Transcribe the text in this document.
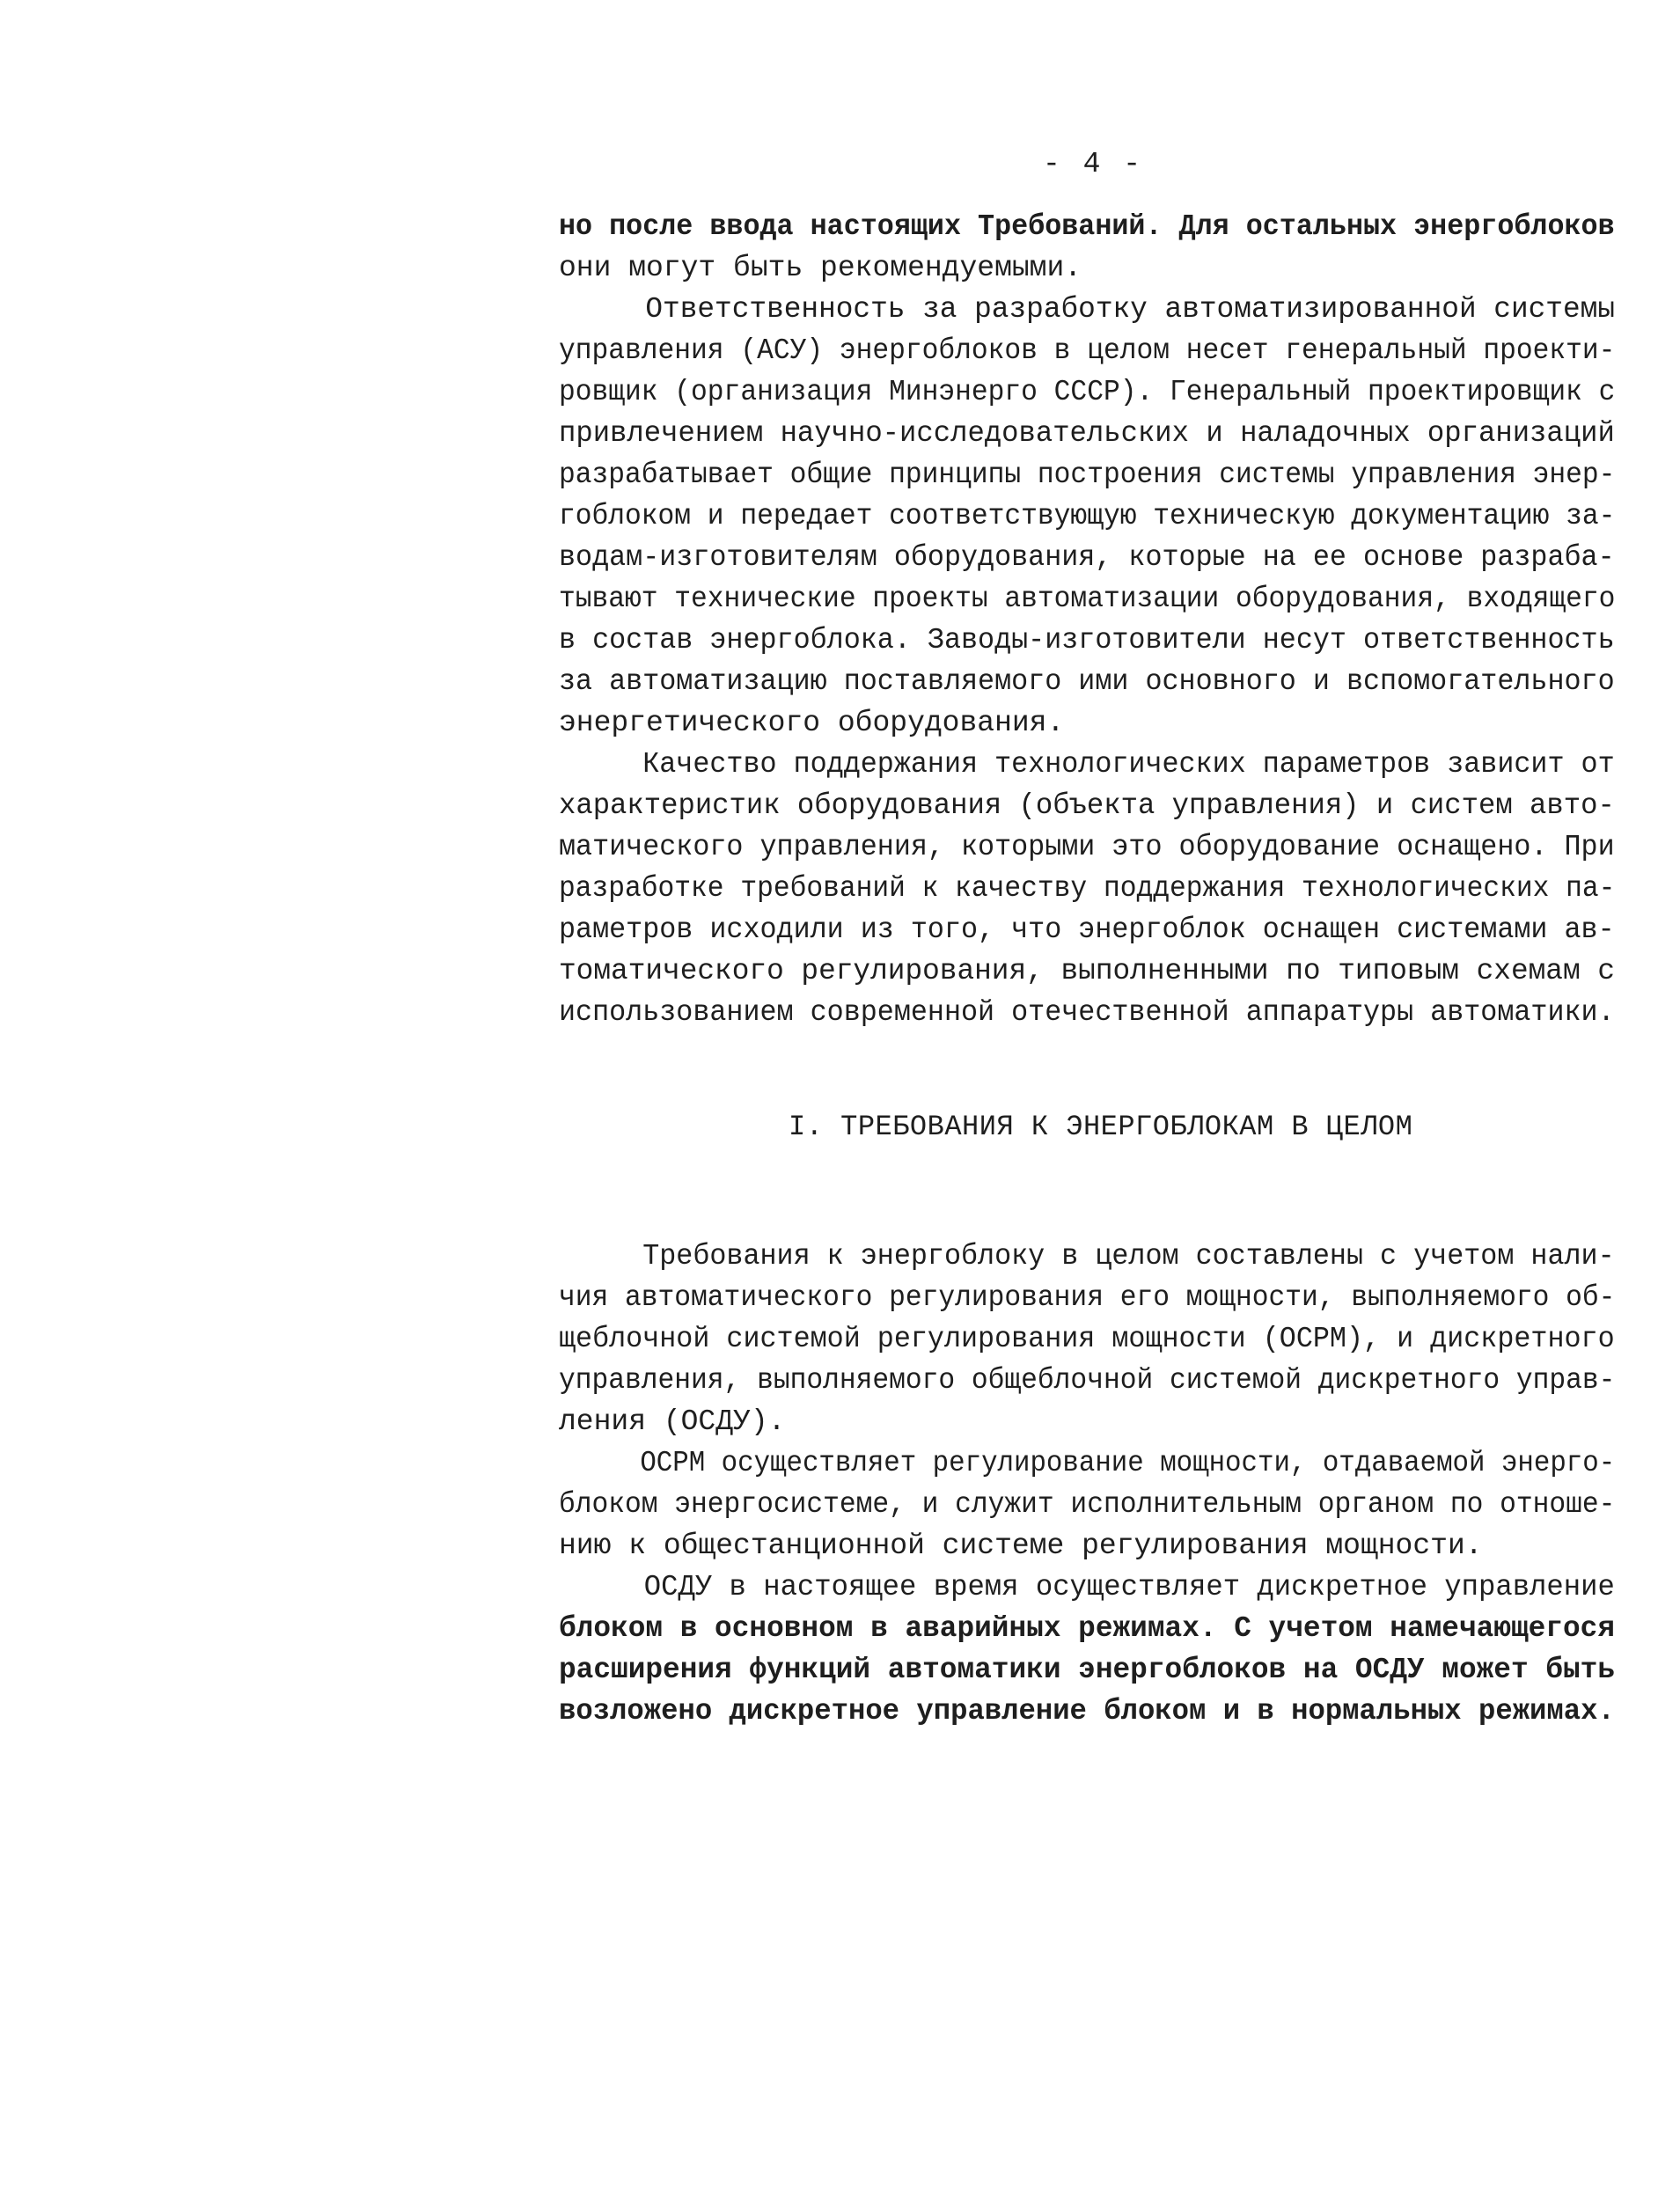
- 4 -
но после ввода настоящих Требований. Для остальных энергоблоков
они могут быть рекомендуемыми.
Ответственность за разработку автоматизированной системы
управления (АСУ) энергоблоков в целом несет генеральный проекти-
ровщик (организация Минэнерго СССР). Генеральный проектировщик с
привлечением научно-исследовательских и наладочных организаций
разрабатывает общие принципы построения системы управления энер-
гоблоком и передает соответствующую техническую документацию за-
водам-изготовителям оборудования, которые на ее основе разраба-
тывают технические проекты автоматизации оборудования, входящего
в состав энергоблока. Заводы-изготовители несут ответственность
за автоматизацию поставляемого ими основного и вспомогательного
энергетического оборудования.
Качество поддержания технологических параметров зависит от
характеристик оборудования (объекта управления) и систем авто-
матического управления, которыми это оборудование оснащено. При
разработке требований к качеству поддержания технологических па-
раметров исходили из того, что энергоблок оснащен системами ав-
томатического регулирования, выполненными по типовым схемам с
использованием современной отечественной аппаратуры автоматики.
I. ТРЕБОВАНИЯ К ЭНЕРГОБЛОКАМ В ЦЕЛОМ
Требования к энергоблоку в целом составлены с учетом нали-
чия автоматического регулирования его мощности, выполняемого об-
щеблочной системой регулирования мощности (ОСРМ), и дискретного
управления, выполняемого общеблочной системой дискретного управ-
ления (ОСДУ).
ОСРМ осуществляет регулирование мощности, отдаваемой энерго-
блоком энергосистеме, и служит исполнительным органом по отноше-
нию к общестанционной системе регулирования мощности.
ОСДУ в настоящее время осуществляет дискретное управление
блоком в основном в аварийных режимах. С учетом намечающегося
расширения функций автоматики энергоблоков на ОСДУ может быть
возложено дискретное управление блоком и в нормальных режимах.
